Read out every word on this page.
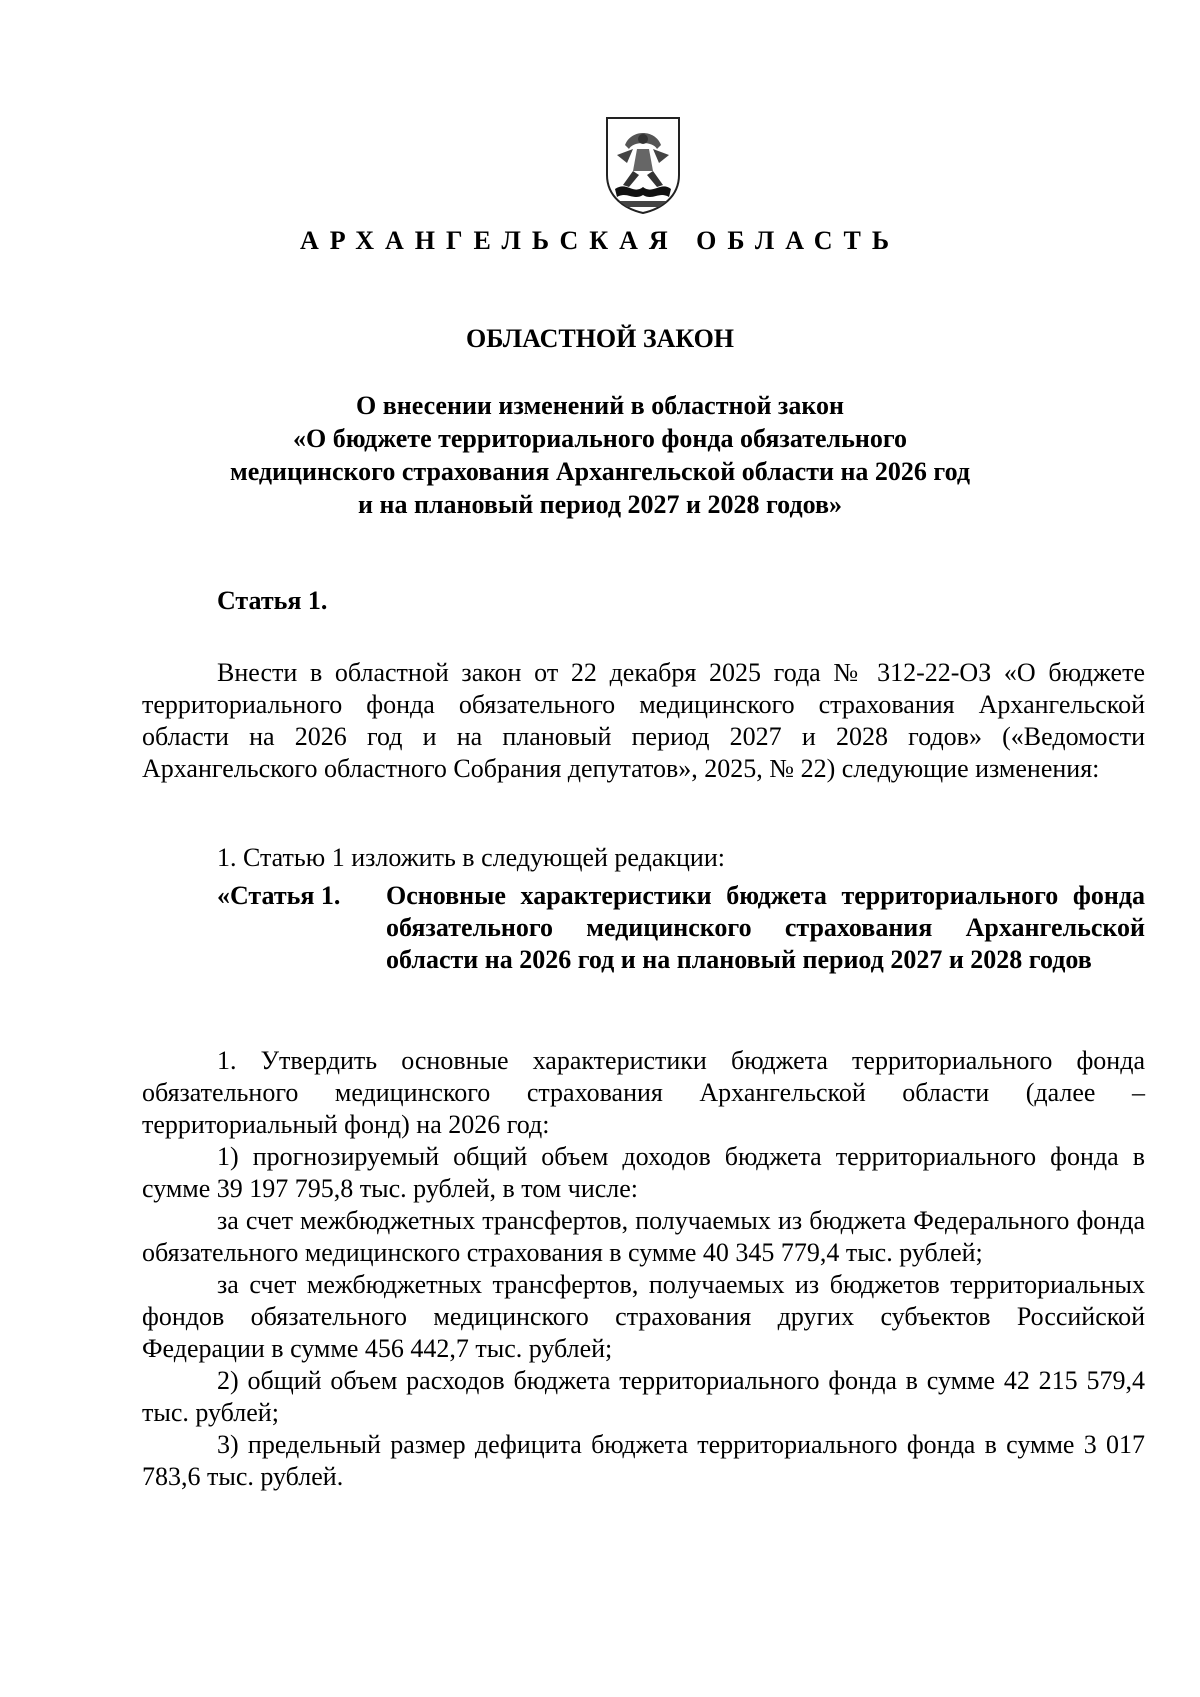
АРХАНГЕЛЬСКАЯ ОБЛАСТЬ
ОБЛАСТНОЙ ЗАКОН
О внесении изменений в областной закон
«О бюджете территориального фонда обязательного
медицинского страхования Архангельской области на 2026 год
и на плановый период 2027 и 2028 годов»
Статья 1.

Внести в областной закон от 22 декабря 2025 года № 312-22-ОЗ «О бюджете территориального фонда обязательного медицинского страхования Архангельской области на 2026 год и на плановый период 2027 и 2028 годов» («Ведомости Архангельского областного Собрания депутатов», 2025, № 22) следующие изменения:

1. Статью 1 изложить в следующей редакции:

«Статья 1. Основные характеристики бюджета территориального фонда обязательного медицинского страхования Архангельской области на 2026 год и на плановый период 2027 и 2028 годов

1. Утвердить основные характеристики бюджета территориального фонда обязательного медицинского страхования Архангельской области (далее – территориальный фонд) на 2026 год:

1) прогнозируемый общий объем доходов бюджета территориального фонда в сумме 39 197 795,8 тыс. рублей, в том числе:

за счет межбюджетных трансфертов, получаемых из бюджета Федерального фонда обязательного медицинского страхования в сумме 40 345 779,4 тыс. рублей;

за счет межбюджетных трансфертов, получаемых из бюджетов территориальных фондов обязательного медицинского страхования других субъектов Российской Федерации в сумме 456 442,7 тыс. рублей;

2) общий объем расходов бюджета территориального фонда в сумме 42 215 579,4 тыс. рублей;

3) предельный размер дефицита бюджета территориального фонда в сумме 3 017 783,6 тыс. рублей.
